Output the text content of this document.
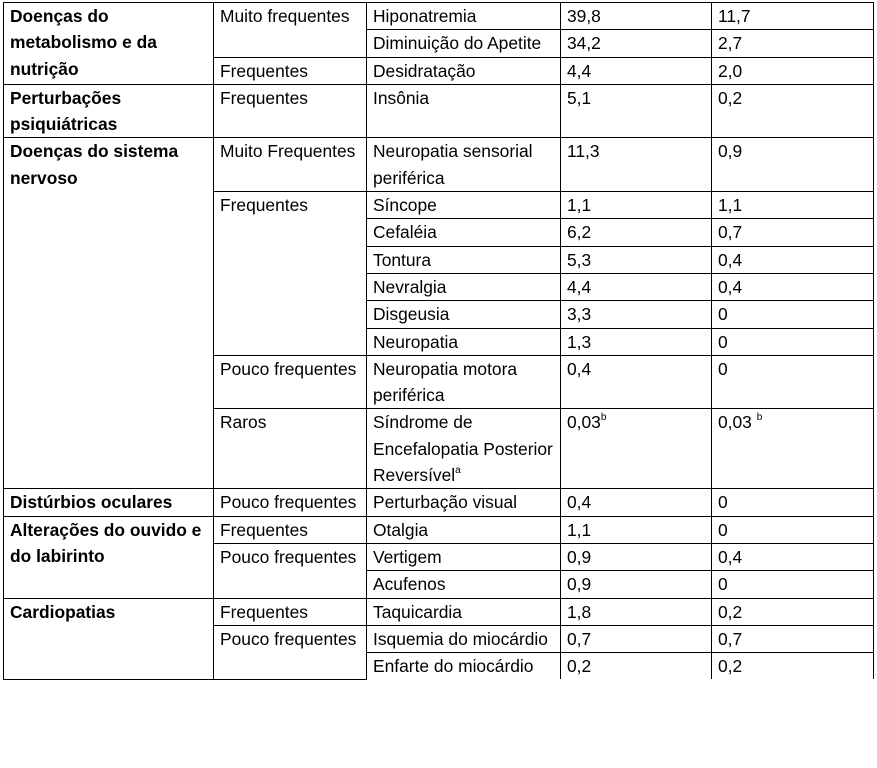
Doenças do metabolismo e da nutrição	Muito frequentes	Hiponatremia	39,8	11,7
		Diminuição do Apetite	34,2	2,7
	Frequentes	Desidratação	4,4	2,0
Perturbações psiquiátricas	Frequentes	Insônia	5,1	0,2
Doenças do sistema nervoso	Muito Frequentes	Neuropatia sensorial periférica	11,3	0,9
	Frequentes	Síncope	1,1	1,1
		Cefaléia	6,2	0,7
		Tontura	5,3	0,4
		Nevralgia	4,4	0,4
		Disgeusia	3,3	0
		Neuropatia	1,3	0
	Pouco frequentes	Neuropatia motora periférica	0,4	0
	Raros	Síndrome de Encefalopatia Posterior Reversível$^a$	0,03$^b$	0,03 $^b$
Distúrbios oculares	Pouco frequentes	Perturbação visual	0,4	0
Alterações do ouvido e do labirinto	Frequentes	Otalgia	1,1	0
	Pouco frequentes	Vertigem	0,9	0,4
		Acufenos	0,9	0
Cardiopatias	Frequentes	Taquicardia	1,8	0,2
	Pouco frequentes	Isquemia do miocárdio	0,7	0,7
		Enfarte do miocárdio	0,2	0,2
